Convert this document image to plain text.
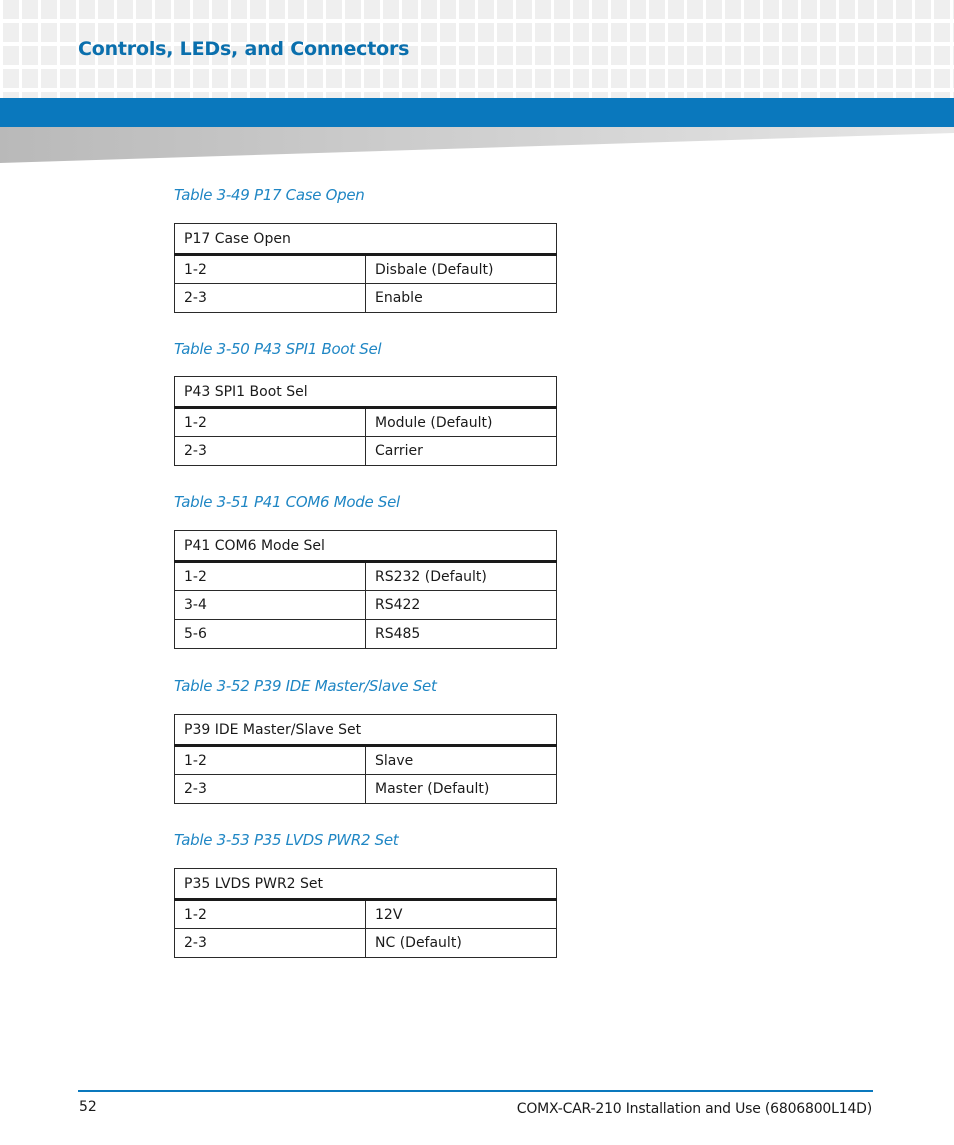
Controls, LEDs, and Connectors
Table 3-49 P17 Case Open
P17 Case Open	
1-2	Disbale (Default)
2-3	Enable
Table 3-50 P43 SPI1 Boot Sel
P43 SPI1 Boot Sel	
1-2	Module (Default)
2-3	Carrier
Table 3-51 P41 COM6 Mode Sel
P41 COM6 Mode Sel	
1-2	RS232 (Default)
3-4	RS422
5-6	RS485
Table 3-52 P39 IDE Master/Slave Set
P39 IDE Master/Slave Set	
1-2	Slave
2-3	Master (Default)
Table 3-53 P35 LVDS PWR2 Set
P35 LVDS PWR2 Set	
1-2	12V
2-3	NC (Default)
52	COMX-CAR-210 Installation and Use (6806800L14D)
